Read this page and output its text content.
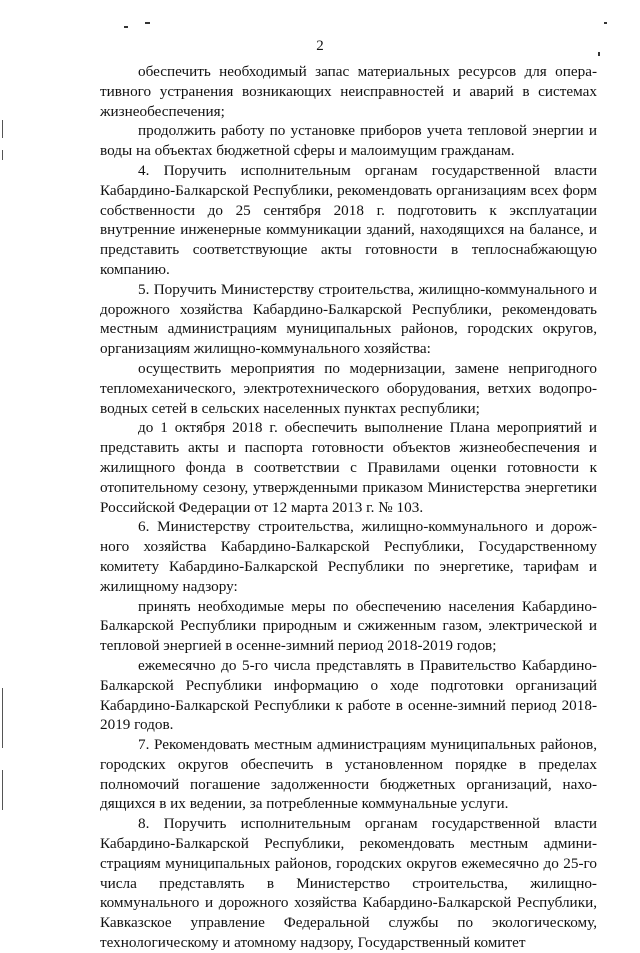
2

обеспечить необходимый запас материальных ресурсов для оперативного устранения возникающих неисправностей и аварий в системах жизнеобеспечения;

продолжить работу по установке приборов учета тепловой энергии и воды на объектах бюджетной сферы и малоимущим гражданам.

4. Поручить исполнительным органам государственной власти Кабардино-Балкарской Республики, рекомендовать организациям всех форм собственности до 25 сентября 2018 г. подготовить к эксплуатации внутренние инженерные коммуникации зданий, находящихся на балансе, и представить соответствующие акты готовности в теплоснабжающую компанию.

5. Поручить Министерству строительства, жилищно-коммунального и дорожного хозяйства Кабардино-Балкарской Республики, рекомендовать местным администрациям муниципальных районов, городских округов, организациям жилищно-коммунального хозяйства:

осуществить мероприятия по модернизации, замене непригодного тепломеханического, электротехнического оборудования, ветхих водопроводных сетей в сельских населенных пунктах республики;

до 1 октября 2018 г. обеспечить выполнение Плана мероприятий и представить акты и паспорта готовности объектов жизнеобеспечения и жилищного фонда в соответствии с Правилами оценки готовности к отопительному сезону, утвержденными приказом Министерства энергетики Российской Федерации от 12 марта 2013 г. № 103.

6. Министерству строительства, жилищно-коммунального и дорожного хозяйства Кабардино-Балкарской Республики, Государственному комитету Кабардино-Балкарской Республики по энергетике, тарифам и жилищному надзору:

принять необходимые меры по обеспечению населения Кабардино-Балкарской Республики природным и сжиженным газом, электрической и тепловой энергией в осенне-зимний период 2018-2019 годов;

ежемесячно до 5-го числа представлять в Правительство Кабардино-Балкарской Республики информацию о ходе подготовки организаций Кабардино-Балкарской Республики к работе в осенне-зимний период 2018-2019 годов.

7. Рекомендовать местным администрациям муниципальных районов, городских округов обеспечить в установленном порядке в пределах полномочий погашение задолженности бюджетных организаций, находящихся в их ведении, за потребленные коммунальные услуги.

8. Поручить исполнительным органам государственной власти Кабардино-Балкарской Республики, рекомендовать местным администрациям муниципальных районов, городских округов ежемесячно до 25-го числа представлять в Министерство строительства, жилищно-коммунального и дорожного хозяйства Кабардино-Балкарской Республики, Кавказское управление Федеральной службы по экологическому, технологическому и атомному надзору, Государственный комитет
